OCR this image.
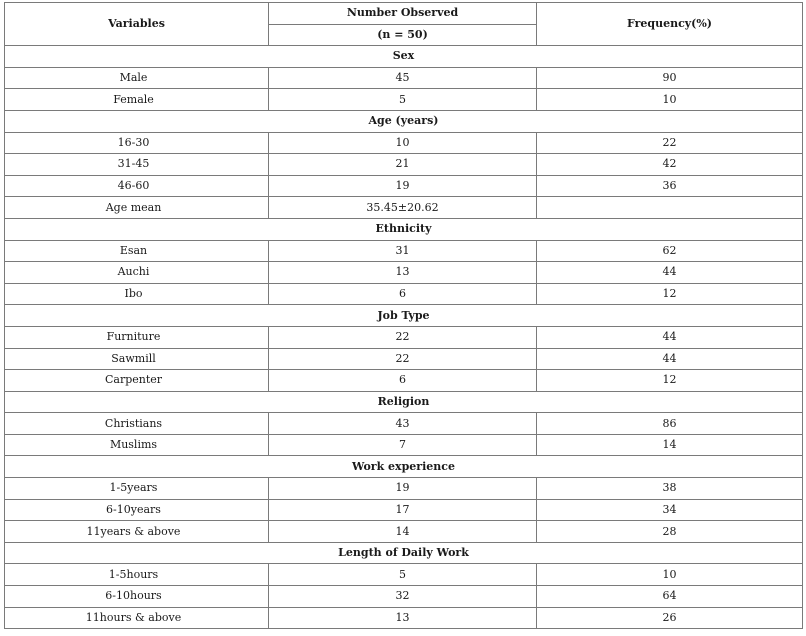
Variables	Number Observed	Frequency(%)
	(n = 50)	
Sex		
Male	45	90
Female	5	10
Age (years)		
16-30	10	22
31-45	21	42
46-60	19	36
Age mean	35.45±20.62	
Ethnicity		
Esan	31	62
Auchi	13	44
Ibo	6	12
Job Type		
Furniture	22	44
Sawmill	22	44
Carpenter	6	12
Religion		
Christians	43	86
Muslims	7	14
Work experience		
1-5years	19	38
6-10years	17	34
11years & above	14	28
Length of Daily Work		
1-5hours	5	10
6-10hours	32	64
11hours & above	13	26
